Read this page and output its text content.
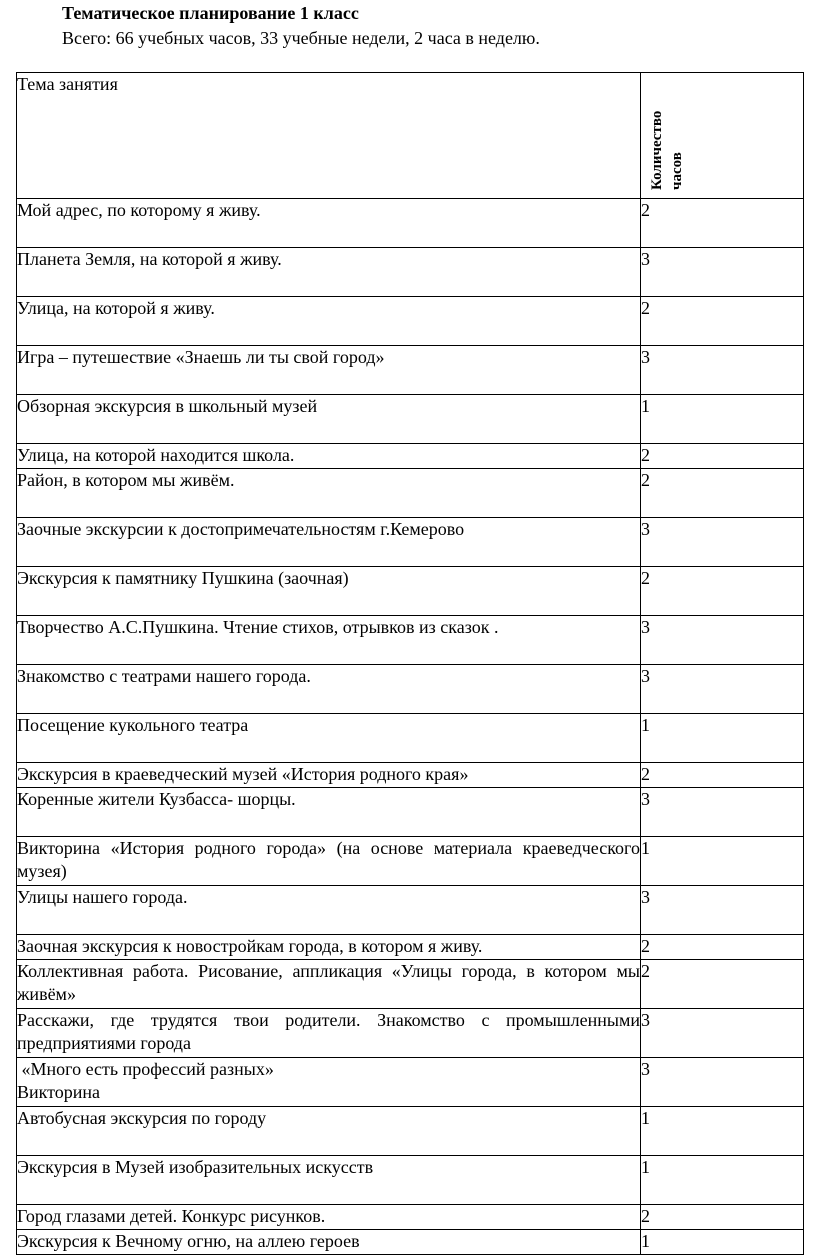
Тематическое планирование 1 класс
Всего: 66 учебных часов, 33 учебные недели, 2 часа в неделю.
Тема занятия	Количество часов

Мой адрес, по которому я живу.	2
Планета Земля, на которой я живу.	3
Улица, на которой я живу.	2
Игра – путешествие «Знаешь ли ты свой город»	3
Обзорная экскурсия в школьный музей	1
Улица, на которой находится школа.	2
Район, в котором мы живём.	2
Заочные экскурсии к достопримечательностям г.Кемерово	3
Экскурсия к памятнику Пушкина (заочная)	2
Творчество А.С.Пушкина. Чтение стихов, отрывков из сказок .	3
Знакомство с театрами нашего города.	3
Посещение кукольного театра	1
Экскурсия в краеведческий музей «История родного края»	2
Коренные жители Кузбасса- шорцы.	3
Викторина «История родного города» (на основе материала краеведческого музея)	1
Улицы нашего города.	3
Заочная экскурсия к новостройкам города, в котором я живу.	2
Коллективная работа. Рисование, аппликация «Улицы города, в котором мы живём»	2
Расскажи, где трудятся твои родители. Знакомство с промышленными предприятиями города	3

«Много есть профессий разных»
Викторина	3
Автобусная экскурсия по городу	1
Экскурсия в Музей изобразительных искусств	1
Город глазами детей. Конкурс рисунков.	2
Экскурсия к Вечному огню, на аллею героев	1
